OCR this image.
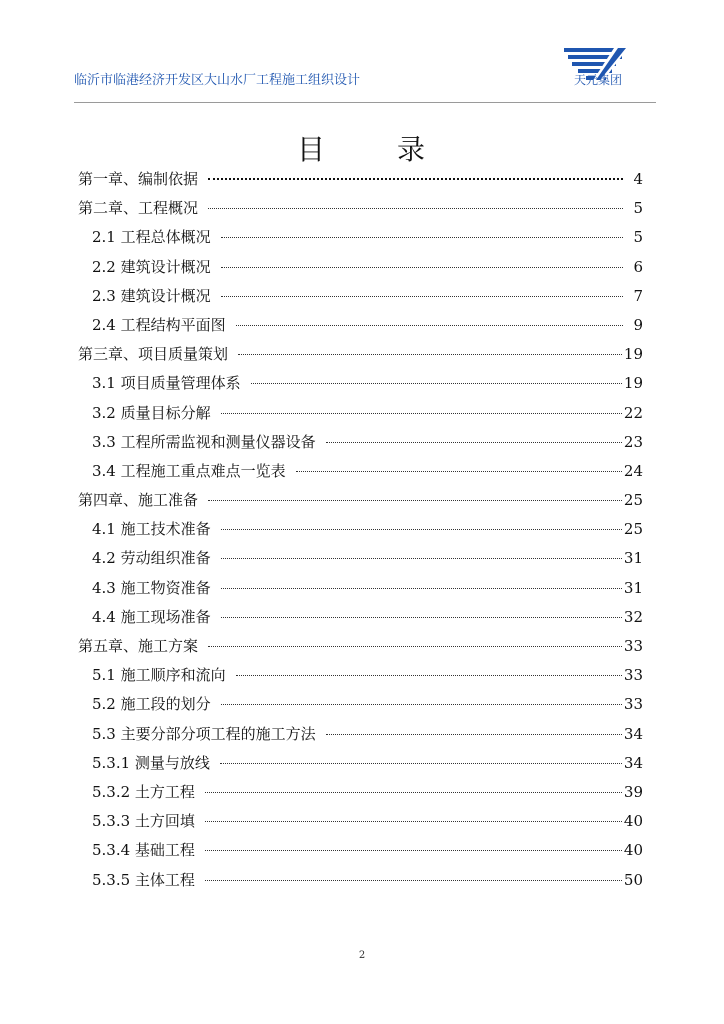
临沂市临港经济开发区大山水厂工程施工组织设计	天元集团
目	录
第一章、编制依据	4
第二章、工程概况	5
2.1 工程总体概况	5
2.2 建筑设计概况	6
2.3 建筑设计概况	7
2.4 工程结构平面图	9
第三章、项目质量策划	19
3.1 项目质量管理体系	19
3.2 质量目标分解	22
3.3 工程所需监视和测量仪器设备	23
3.4 工程施工重点难点一览表	24
第四章、施工准备	25
4.1 施工技术准备	25
4.2 劳动组织准备	31
4.3 施工物资准备	31
4.4 施工现场准备	32
第五章、施工方案	33
5.1 施工顺序和流向	33
5.2 施工段的划分	33
5.3 主要分部分项工程的施工方法	34
5.3.1 测量与放线	34
5.3.2 土方工程	39
5.3.3 土方回填	40
5.3.4 基础工程	40
5.3.5 主体工程	50
2
